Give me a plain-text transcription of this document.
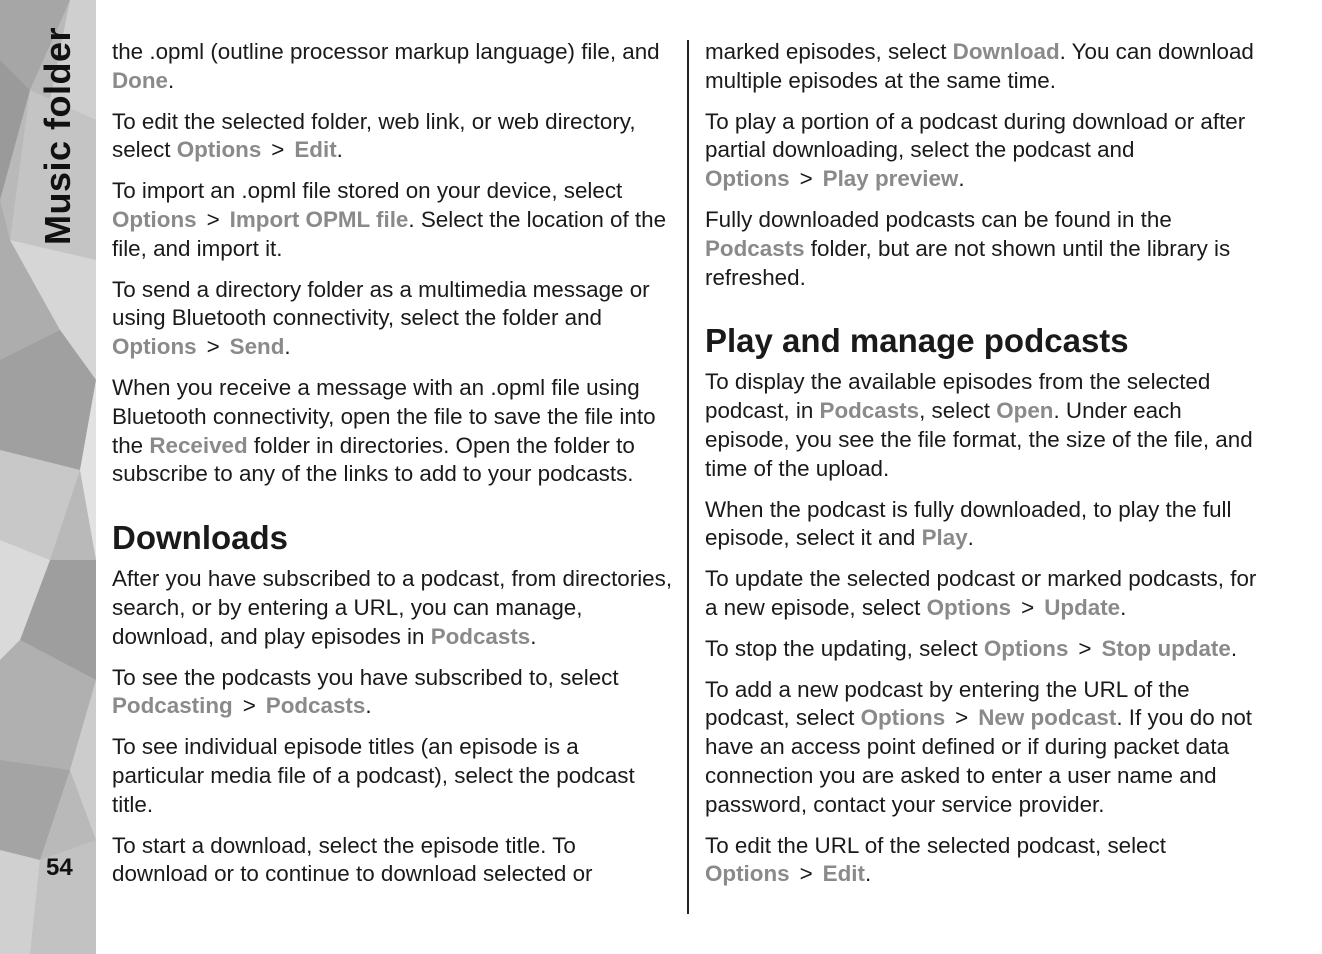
Music folder
54

the .opml (outline processor markup language) file, and Done.

To edit the selected folder, web link, or web directory, select Options > Edit.

To import an .opml file stored on your device, select Options > Import OPML file. Select the location of the file, and import it.

To send a directory folder as a multimedia message or using Bluetooth connectivity, select the folder and Options > Send.

When you receive a message with an .opml file using Bluetooth connectivity, open the file to save the file into the Received folder in directories. Open the folder to subscribe to any of the links to add to your podcasts.

Downloads

After you have subscribed to a podcast, from directories, search, or by entering a URL, you can manage, download, and play episodes in Podcasts.

To see the podcasts you have subscribed to, select Podcasting > Podcasts.

To see individual episode titles (an episode is a particular media file of a podcast), select the podcast title.

To start a download, select the episode title. To download or to continue to download selected or

marked episodes, select Download. You can download multiple episodes at the same time.

To play a portion of a podcast during download or after partial downloading, select the podcast and Options > Play preview.

Fully downloaded podcasts can be found in the Podcasts folder, but are not shown until the library is refreshed.

Play and manage podcasts

To display the available episodes from the selected podcast, in Podcasts, select Open. Under each episode, you see the file format, the size of the file, and time of the upload.

When the podcast is fully downloaded, to play the full episode, select it and Play.

To update the selected podcast or marked podcasts, for a new episode, select Options > Update.

To stop the updating, select Options > Stop update.

To add a new podcast by entering the URL of the podcast, select Options > New podcast. If you do not have an access point defined or if during packet data connection you are asked to enter a user name and password, contact your service provider.

To edit the URL of the selected podcast, select Options > Edit.
